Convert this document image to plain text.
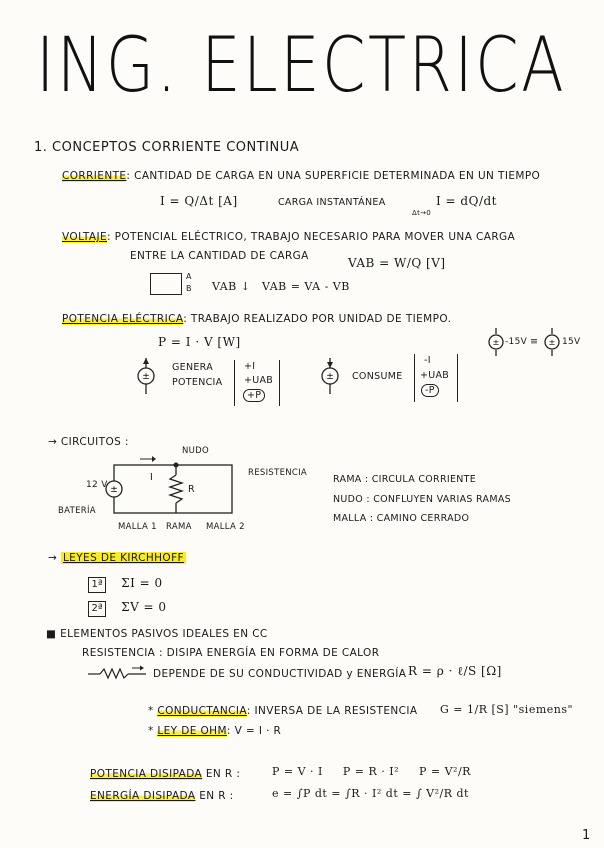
ING. ELECTRICA
1. CONCEPTOS CORRIENTE CONTINUA
CORRIENTE: CANTIDAD DE CARGA EN UNA SUPERFICIE DETERMINADA EN UN TIEMPO
I = Q/Δt [A]	CARGA INSTANTÁNEA
Δt→0
I = dQ/dt
VOLTAJE: POTENCIAL ELÉCTRICO, TRABAJO NECESARIO PARA MOVER UNA CARGA
ENTRE LA CANTIDAD DE CARGA	VAB = W/Q [V]
A
B VAB ↓ VAB = VA - VB
POTENCIA ELÉCTRICA: TRABAJO REALIZADO POR UNIDAD DE TIEMPO.
P = I · V [W]	± -15V ≡ ± 15V
±
GENERA
POTENCIA
+I
+UAB
+P
± CONSUME
-I
+UAB
-P
→ CIRCUITOS :
±
NUDO
RESISTENCIA
12 V
I
R
BATERÍA
MALLA 1 RAMA MALLA 2
RAMA : CIRCULA CORRIENTE
NUDO : CONFLUYEN VARIAS RAMAS
MALLA : CAMINO CERRADO
→ LEYES DE KIRCHHOFF
1ª ΣI = 0
2ª ΣV = 0
■ ELEMENTOS PASIVOS IDEALES EN CC
RESISTENCIA : DISIPA ENERGÍA EN FORMA DE CALOR
DEPENDE DE SU CONDUCTIVIDAD y ENERGÍA R = ρ · ℓ/S [Ω]
* CONDUCTANCIA: INVERSA DE LA RESISTENCIA G = 1/R [S] "siemens"
* LEY DE OHM: V = I · R
POTENCIA DISIPADA EN R :	P = V · I     P = R · I²     P = V²/R
ENERGÍA DISIPADA EN R :	e = ∫P dt = ∫R · I² dt = ∫ V²/R dt
1
